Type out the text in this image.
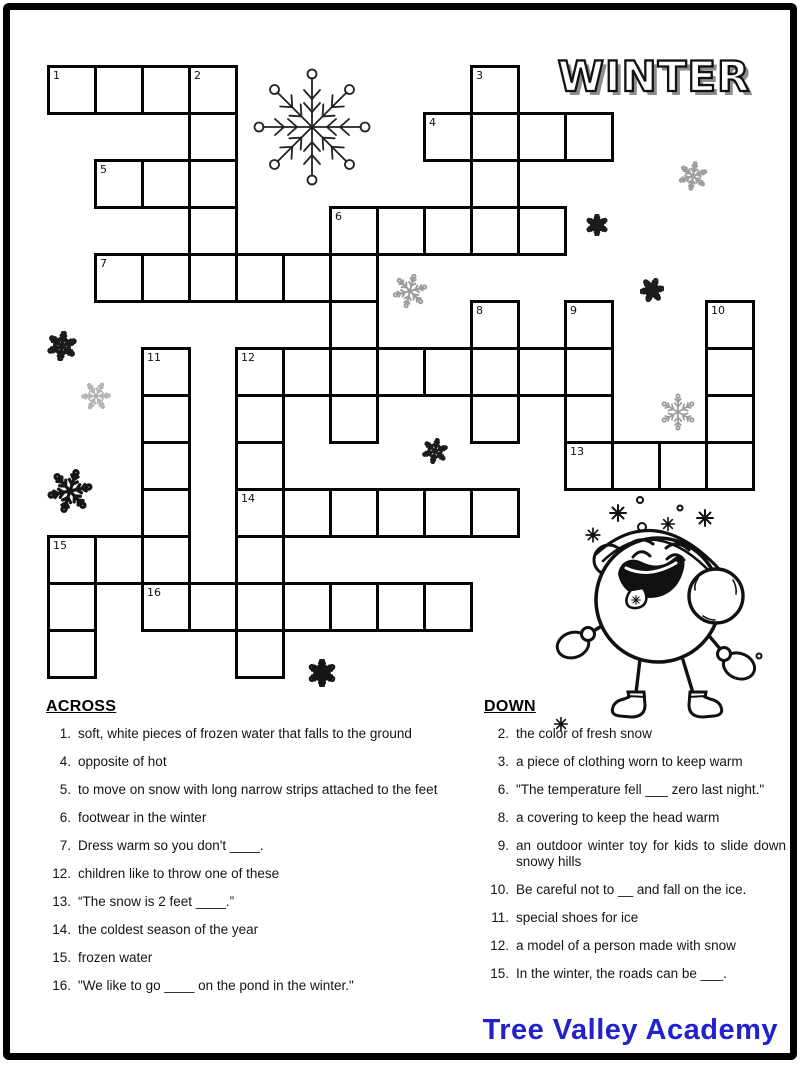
WINTER
1	2	3
4
5
6
7
8	9	10
11	12
13
14
15
16
ACROSS
1. soft, white pieces of frozen water that falls to the ground
4. opposite of hot
5. to move on snow with long narrow strips attached to the feet
6. footwear in the winter
7. Dress warm so you don't ____.
12. children like to throw one of these
13. “The snow is 2 feet ____.”
14. the coldest season of the year
15. frozen water
16. "We like to go ____ on the pond in the winter."
DOWN
2. the color of fresh snow
3. a piece of clothing worn to keep warm
6. "The temperature fell ___ zero last night."
8. a covering to keep the head warm
9. an outdoor winter toy for kids to slide down snowy hills
10. Be careful not to __ and fall on the ice.
11. special shoes for ice
12. a model of a person made with snow
15. In the winter, the roads can be ___.
Tree Valley Academy
